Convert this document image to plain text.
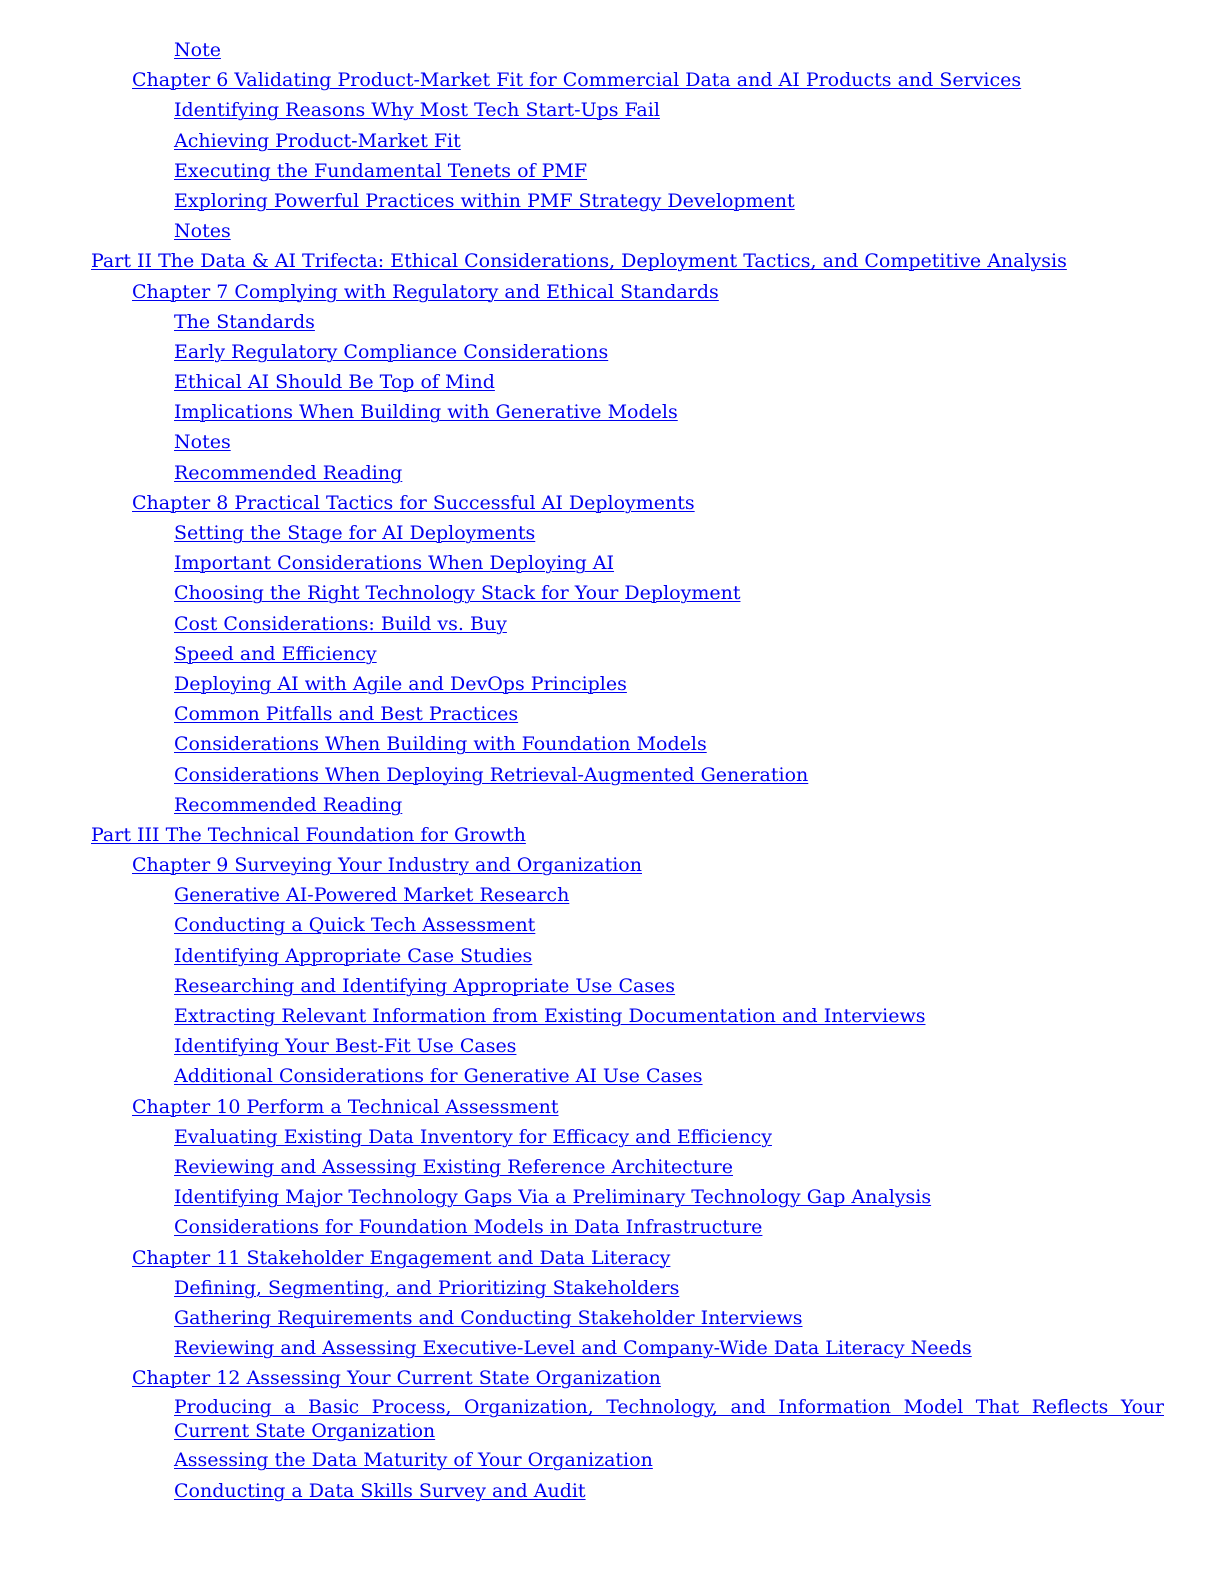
Note
Chapter 6 Validating Product-Market Fit for Commercial Data and AI Products and Services
Identifying Reasons Why Most Tech Start-Ups Fail
Achieving Product-Market Fit
Executing the Fundamental Tenets of PMF
Exploring Powerful Practices within PMF Strategy Development
Notes
Part II The Data & AI Trifecta: Ethical Considerations, Deployment Tactics, and Competitive Analysis
Chapter 7 Complying with Regulatory and Ethical Standards
The Standards
Early Regulatory Compliance Considerations
Ethical AI Should Be Top of Mind
Implications When Building with Generative Models
Notes
Recommended Reading
Chapter 8 Practical Tactics for Successful AI Deployments
Setting the Stage for AI Deployments
Important Considerations When Deploying AI
Choosing the Right Technology Stack for Your Deployment
Cost Considerations: Build vs. Buy
Speed and Efficiency
Deploying AI with Agile and DevOps Principles
Common Pitfalls and Best Practices
Considerations When Building with Foundation Models
Considerations When Deploying Retrieval-Augmented Generation
Recommended Reading
Part III The Technical Foundation for Growth
Chapter 9 Surveying Your Industry and Organization
Generative AI-Powered Market Research
Conducting a Quick Tech Assessment
Identifying Appropriate Case Studies
Researching and Identifying Appropriate Use Cases
Extracting Relevant Information from Existing Documentation and Interviews
Identifying Your Best-Fit Use Cases
Additional Considerations for Generative AI Use Cases
Chapter 10 Perform a Technical Assessment
Evaluating Existing Data Inventory for Efficacy and Efficiency
Reviewing and Assessing Existing Reference Architecture
Identifying Major Technology Gaps Via a Preliminary Technology Gap Analysis
Considerations for Foundation Models in Data Infrastructure
Chapter 11 Stakeholder Engagement and Data Literacy
Defining, Segmenting, and Prioritizing Stakeholders
Gathering Requirements and Conducting Stakeholder Interviews
Reviewing and Assessing Executive-Level and Company-Wide Data Literacy Needs
Chapter 12 Assessing Your Current State Organization
Producing a Basic Process, Organization, Technology, and Information Model That Reflects Your Current State Organization
Assessing the Data Maturity of Your Organization
Conducting a Data Skills Survey and Audit
